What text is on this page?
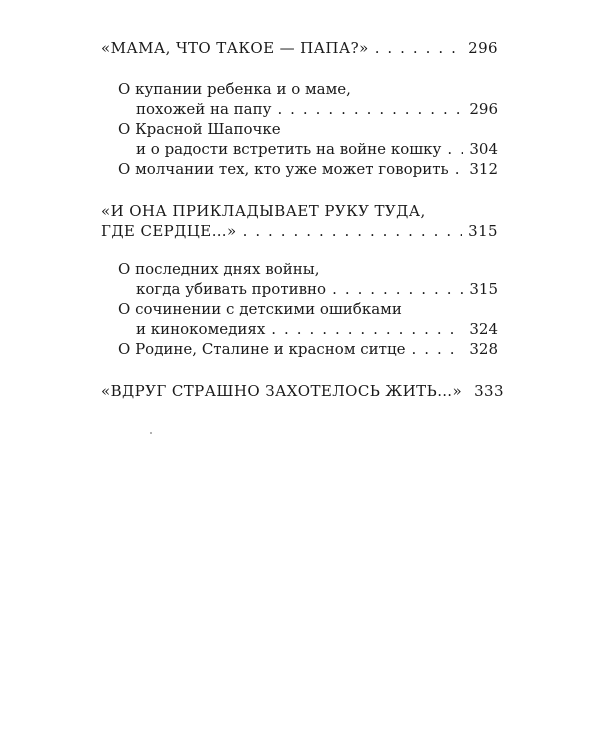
«МАМА, ЧТО ТАКОЕ — ПАПА?» . . .	296
О купании ребенка и о маме,
похожей на папу . . .	296
О Красной Шапочке
и о радости встретить на войне кошку . . . 304
О молчании тех, кто уже может говорить . . . 312
«И ОНА ПРИКЛАДЫВАЕТ РУКУ ТУДА,
ГДЕ СЕРДЦЕ…» . . .	315
О последних днях войны,
когда убивать противно . . .	315
О сочинении с детскими ошибками
и кинокомедиях . . .	324
О Родине, Сталине и красном ситце . . .	328
«ВДРУГ СТРАШНО ЗАХОТЕЛОСЬ ЖИТЬ…» 333
